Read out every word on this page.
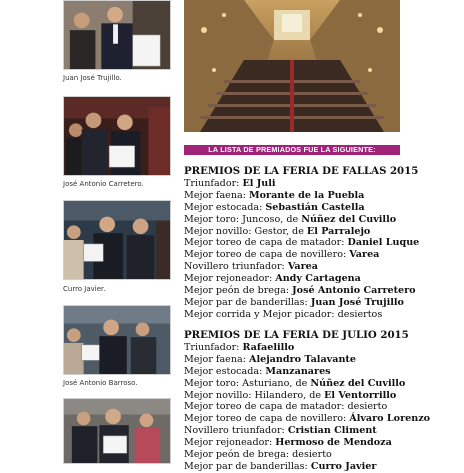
Juan José Trujillo.
José Antonio Carretero.
Curro Javier.
José Antonio Barroso.
LA LISTA DE PREMIADOS FUE LA SIGUIENTE:
PREMIOS DE LA FERIA DE FALLAS 2015
Triunfador: El Juli
Mejor faena: Morante de la Puebla
Mejor estocada: Sebastián Castella
Mejor toro: Juncoso, de Núñez del Cuvillo
Mejor novillo: Gestor, de El Parralejo
Mejor toreo de capa de matador: Daniel Luque
Mejor toreo de capa de novillero: Varea
Novillero triunfador: Varea
Mejor rejoneador: Andy Cartagena
Mejor peón de brega: José Antonio Carretero
Mejor par de banderillas: Juan José Trujillo
Mejor corrida y Mejor picador: desiertos
PREMIOS DE LA FERIA DE JULIO 2015
Triunfador: Rafaelillo
Mejor faena: Alejandro Talavante
Mejor estocada: Manzanares
Mejor toro: Asturiano, de Núñez del Cuvillo
Mejor novillo: Hilandero, de El Ventorrillo
Mejor toreo de capa de matador: desierto
Mejor toreo de capa de novillero: Álvaro Lorenzo
Novillero triunfador: Cristian Climent
Mejor rejoneador: Hermoso de Mendoza
Mejor peón de brega: desierto
Mejor par de banderillas: Curro Javier
